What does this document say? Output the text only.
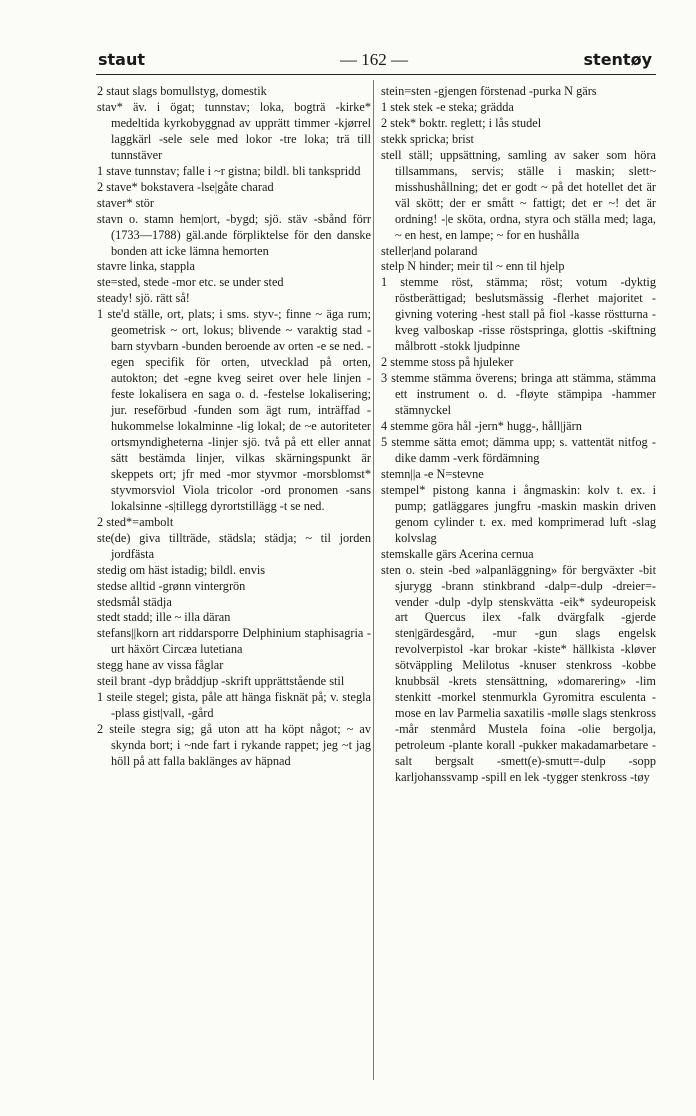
staut	— 162 —	stentøy

2 staut slags bomullstyg, domestik

stav* äv. i ögat; tunnstav; loka, bogträ -kirke* medeltida kyrkobyggnad av upprätt timmer -kjørrel laggkärl -sele sele med lokor -tre loka; trä till tunnstäver

1 stave tunnstav; falle i ~r gistna; bildl. bli tankspridd

2 stave* bokstavera -lse|gåte charad

staver* stör

stavn o. stamn hem|ort, -bygd; sjö. stäv -sbånd förr (1733—1788) gäl.ande förpliktelse för den danske bonden att icke lämna hemorten

stavre linka, stappla

ste=sted, stede -mor etc. se under sted

steady! sjö. rätt så!

1 ste'd ställe, ort, plats; i sms. styv-; finne ~ äga rum; geometrisk ~ ort, lokus; blivende ~ varaktig stad -barn styvbarn -bunden beroende av orten -e se ned. -egen specifik för orten, utvecklad på orten, autokton; det -egne kveg seiret over hele linjen -feste lokalisera en saga o. d. -festelse lokalisering; jur. reseförbud -funden som ägt rum, inträffad -hukommelse lokalminne -lig lokal; de ~e autoriteter ortsmyndigheterna -linjer sjö. två på ett eller annat sätt bestämda linjer, vilkas skärningspunkt är skeppets ort; jfr med -mor styvmor -morsblomst* styvmorsviol Viola tricolor -ord pronomen -sans lokalsinne -s|tillegg dyrortstillägg -t se ned.

2 sted*=ambolt

ste(de) giva tillträde, städsla; städja; ~ til jorden jordfästa

stedig om häst istadig; bildl. envis

stedse alltid -grønn vintergrön

stedsmål städja

stedt stadd; ille ~ illa däran

stefans||korn art riddarsporre Delphinium staphisagria -urt häxört Circæa lutetiana

stegg hane av vissa fåglar

steil brant -dyp bråddjup -skrift upprättstående stil

1 steile stegel; gista, påle att hänga fisknät på; v. stegla -plass gist|vall, -gård

2 steile stegra sig; gå uton att ha köpt något; ~ av skynda bort; i ~nde fart i rykande rappet; jeg ~t jag höll på att falla baklänges av häpnad

stein=sten -gjengen förstenad -purka N gärs

1 stek stek -e steka; grädda

2 stek* boktr. reglett; i lås studel

stekk spricka; brist

stell ställ; uppsättning, samling av saker som höra tillsammans, servis; ställe i maskin; slett~ misshushållning; det er godt ~ på det hotellet det är väl skött; der er smått ~ fattigt; det er ~! det är ordning! -|e sköta, ordna, styra och ställa med; laga, ~ en hest, en lampe; ~ for en hushålla

steller|and polarand

stelp N hinder; meir til ~ enn til hjelp

1 stemme röst, stämma; röst; votum -dyktig röstberättigad; beslutsmässig -flerhet majoritet -givning votering -hest stall på fiol -kasse röstturna -kveg valboskap -risse röstspringa, glottis -skiftning målbrott -stokk ljudpinne

2 stemme stoss på hjuleker

3 stemme stämma överens; bringa att stämma, stämma ett instrument o. d. -fløyte stämpipa -hammer stämnyckel

4 stemme göra hål -jern* hugg-, håll|järn

5 stemme sätta emot; dämma upp; s. vattentät nitfog -dike damm -verk fördämning

stemn||a -e N=stevne

stempel* pistong kanna i ångmaskin: kolv t. ex. i pump; gatläggares jungfru -maskin maskin driven genom cylinder t. ex. med komprimerad luft -slag kolvslag

stemskalle gärs Acerina cernua

sten o. stein -bed »alpanläggning» för bergväxter -bit sjurygg -brann stinkbrand -dalp=-dulp -dreier=-vender -dulp -dylp stenskvätta -eik* sydeuropeisk art Quercus ilex -falk dvärgfalk -gjerde sten|gärdesgård, -mur -gun slags engelsk revolverpistol -kar brokar -kiste* hällkista -kløver sötväppling Melilotus -knuser stenkross -kobbe knubbsäl -krets stensättning, »domarering» -lim stenkitt -morkel stenmurkla Gyromitra esculenta -mose en lav Parmelia saxatilis -mølle slags stenkross -mår stenmård Mustela foina -olie bergolja, petroleum -plante korall -pukker makadamarbetare -salt bergsalt -smett(e)-smutt=-dulp -sopp karljohanssvamp -spill en lek -tygger stenkross -tøy
